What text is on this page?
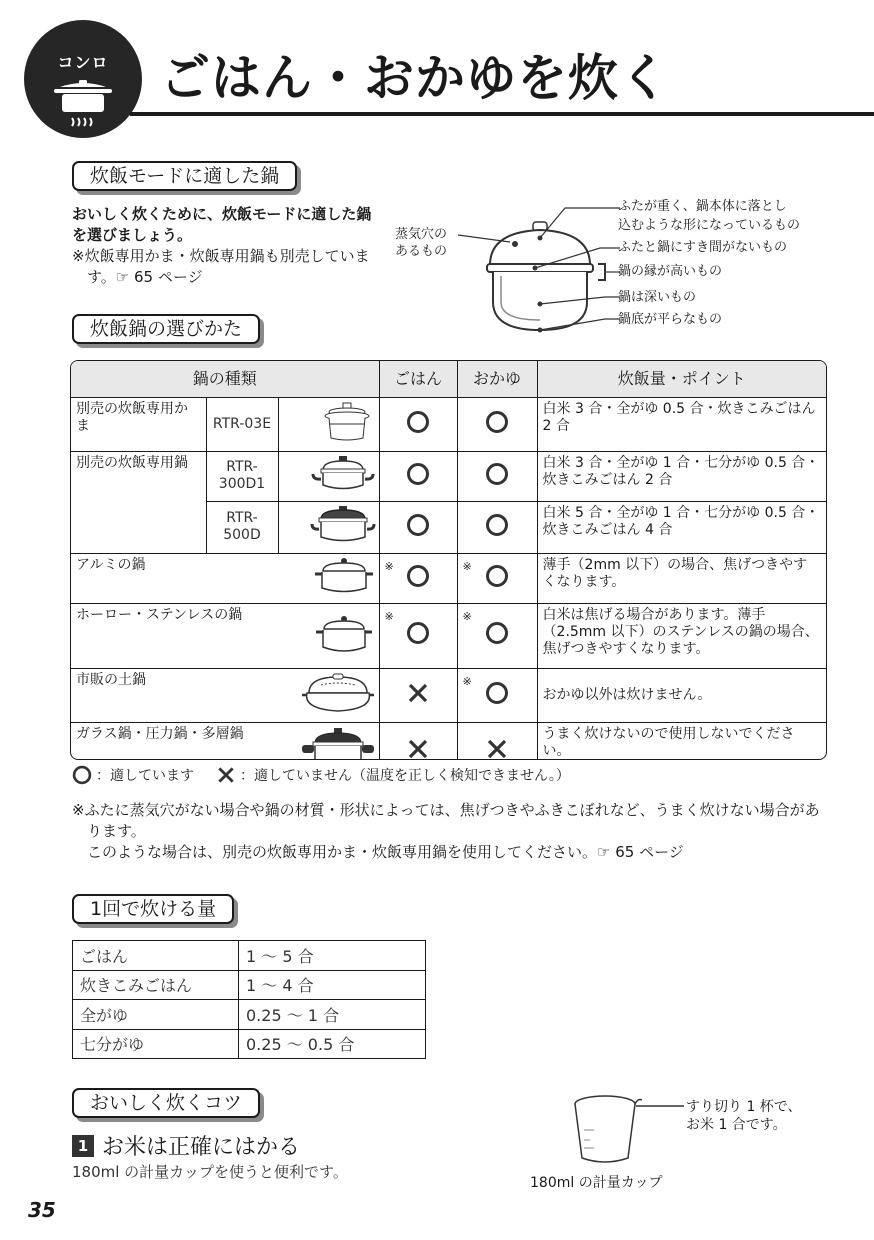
コンロ	ごはん・おかゆを炊く
炊飯モードに適した鍋
おいしく炊くために、炊飯モードに適した鍋を選びましょう。
※炊飯専用かま・炊飯専用鍋も別売しています。☞ 65 ページ
蒸気穴の
あるもの
ふたが重く、鍋本体に落とし
込むような形になっているもの
ふたと鍋にすき間がないもの
鍋の縁が高いもの
鍋は深いもの
鍋底が平らなもの
炊飯鍋の選びかた
鍋の種類			ごはん	おかゆ	炊飯量・ポイント
別売の炊飯専用かま	RTR-03E				白米 3 合・全がゆ 0.5 合・炊きこみごはん 2 合
別売の炊飯専用鍋	RTR-300D1				白米 3 合・全がゆ 1 合・七分がゆ 0.5 合・炊きこみごはん 2 合
	RTR-500D				白米 5 合・全がゆ 1 合・七分がゆ 0.5 合・炊きこみごはん 4 合
アルミの鍋			※	※	薄手（2mm 以下）の場合、焦げつきやすくなります。
ホーロー・ステンレスの鍋			※	※	白米は焦げる場合があります。薄手（2.5mm 以下）のステンレスの鍋の場合、焦げつきやすくなります。
市販の土鍋				※	おかゆ以外は炊けません。
ガラス鍋・圧力鍋・多層鍋					うまく炊けないので使用しないでください。
：適しています	：適していません（温度を正しく検知できません。）

※ふたに蒸気穴がない場合や鍋の材質・形状によっては、焦げつきやふきこぼれなど、うまく炊けない場合があります。

このような場合は、別売の炊飯専用かま・炊飯専用鍋を使用してください。☞ 65 ページ

1回で炊ける量
ごはん	1 ～ 5 合
炊きこみごはん	1 ～ 4 合
全がゆ	0.25 ～ 1 合
七分がゆ	0.25 ～ 0.5 合
おいしく炊くコツ
1 お米は正確にはかる
180ml の計量カップを使うと便利です。
すり切り 1 杯で、
お米 1 合です。
180ml の計量カップ
35
